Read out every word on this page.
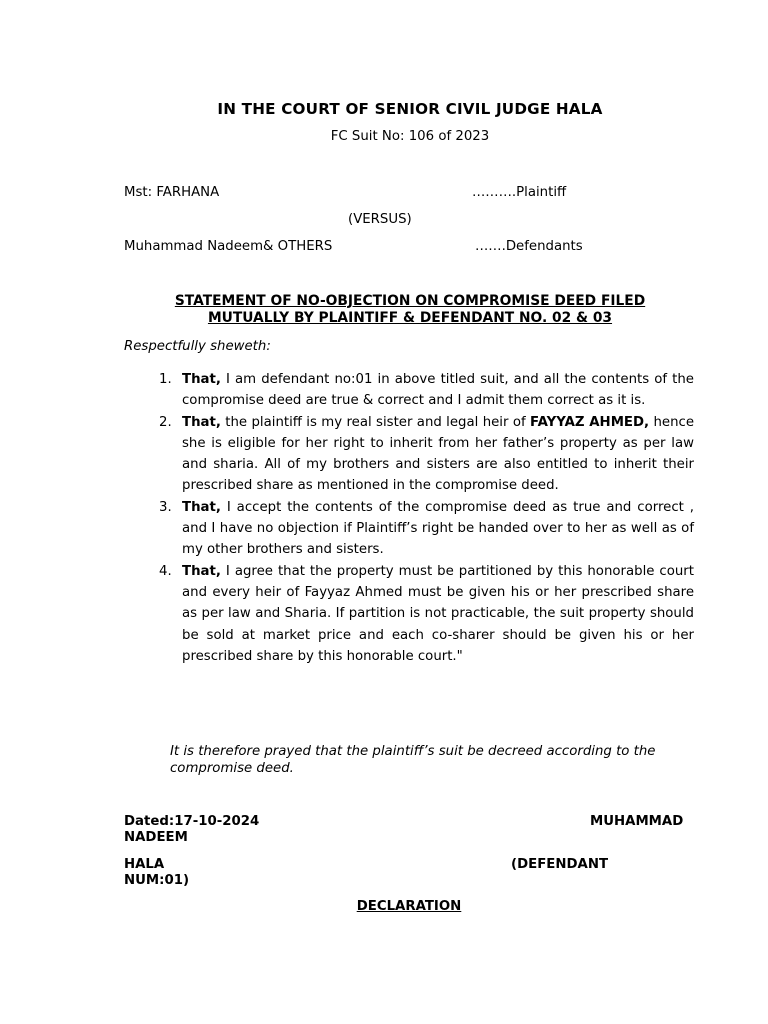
IN THE COURT OF SENIOR CIVIL JUDGE HALA
FC Suit No: 106 of 2023
Mst: FARHANA	……….Plaintiff
(VERSUS)
Muhammad Nadeem& OTHERS	…….Defendants
STATEMENT OF NO-OBJECTION ON COMPROMISE DEED FILED
MUTUALLY BY PLAINTIFF & DEFENDANT NO. 02 & 03
Respectfully sheweth:
1. That, I am defendant no:01 in above titled suit, and all the contents of the compromise deed are true & correct and I admit them correct as it is.
2. That, the plaintiff is my real sister and legal heir of FAYYAZ AHMED, hence she is eligible for her right to inherit from her father’s property as per law and sharia. All of my brothers and sisters are also entitled to inherit their prescribed share as mentioned in the compromise deed.
3. That, I accept the contents of the compromise deed as true and correct , and I have no objection if Plaintiff’s right be handed over to her as well as of my other brothers and sisters.
4. That, I agree that the property must be partitioned by this honorable court and every heir of Fayyaz Ahmed must be given his or her prescribed share as per law and Sharia. If partition is not practicable, the suit property should be sold at market price and each co-sharer should be given his or her prescribed share by this honorable court."
It is therefore prayed that the plaintiff’s suit be decreed according to the compromise deed.
Dated:17-10-2024	MUHAMMAD
NADEEM
HALA	(DEFENDANT
NUM:01)
DECLARATION
